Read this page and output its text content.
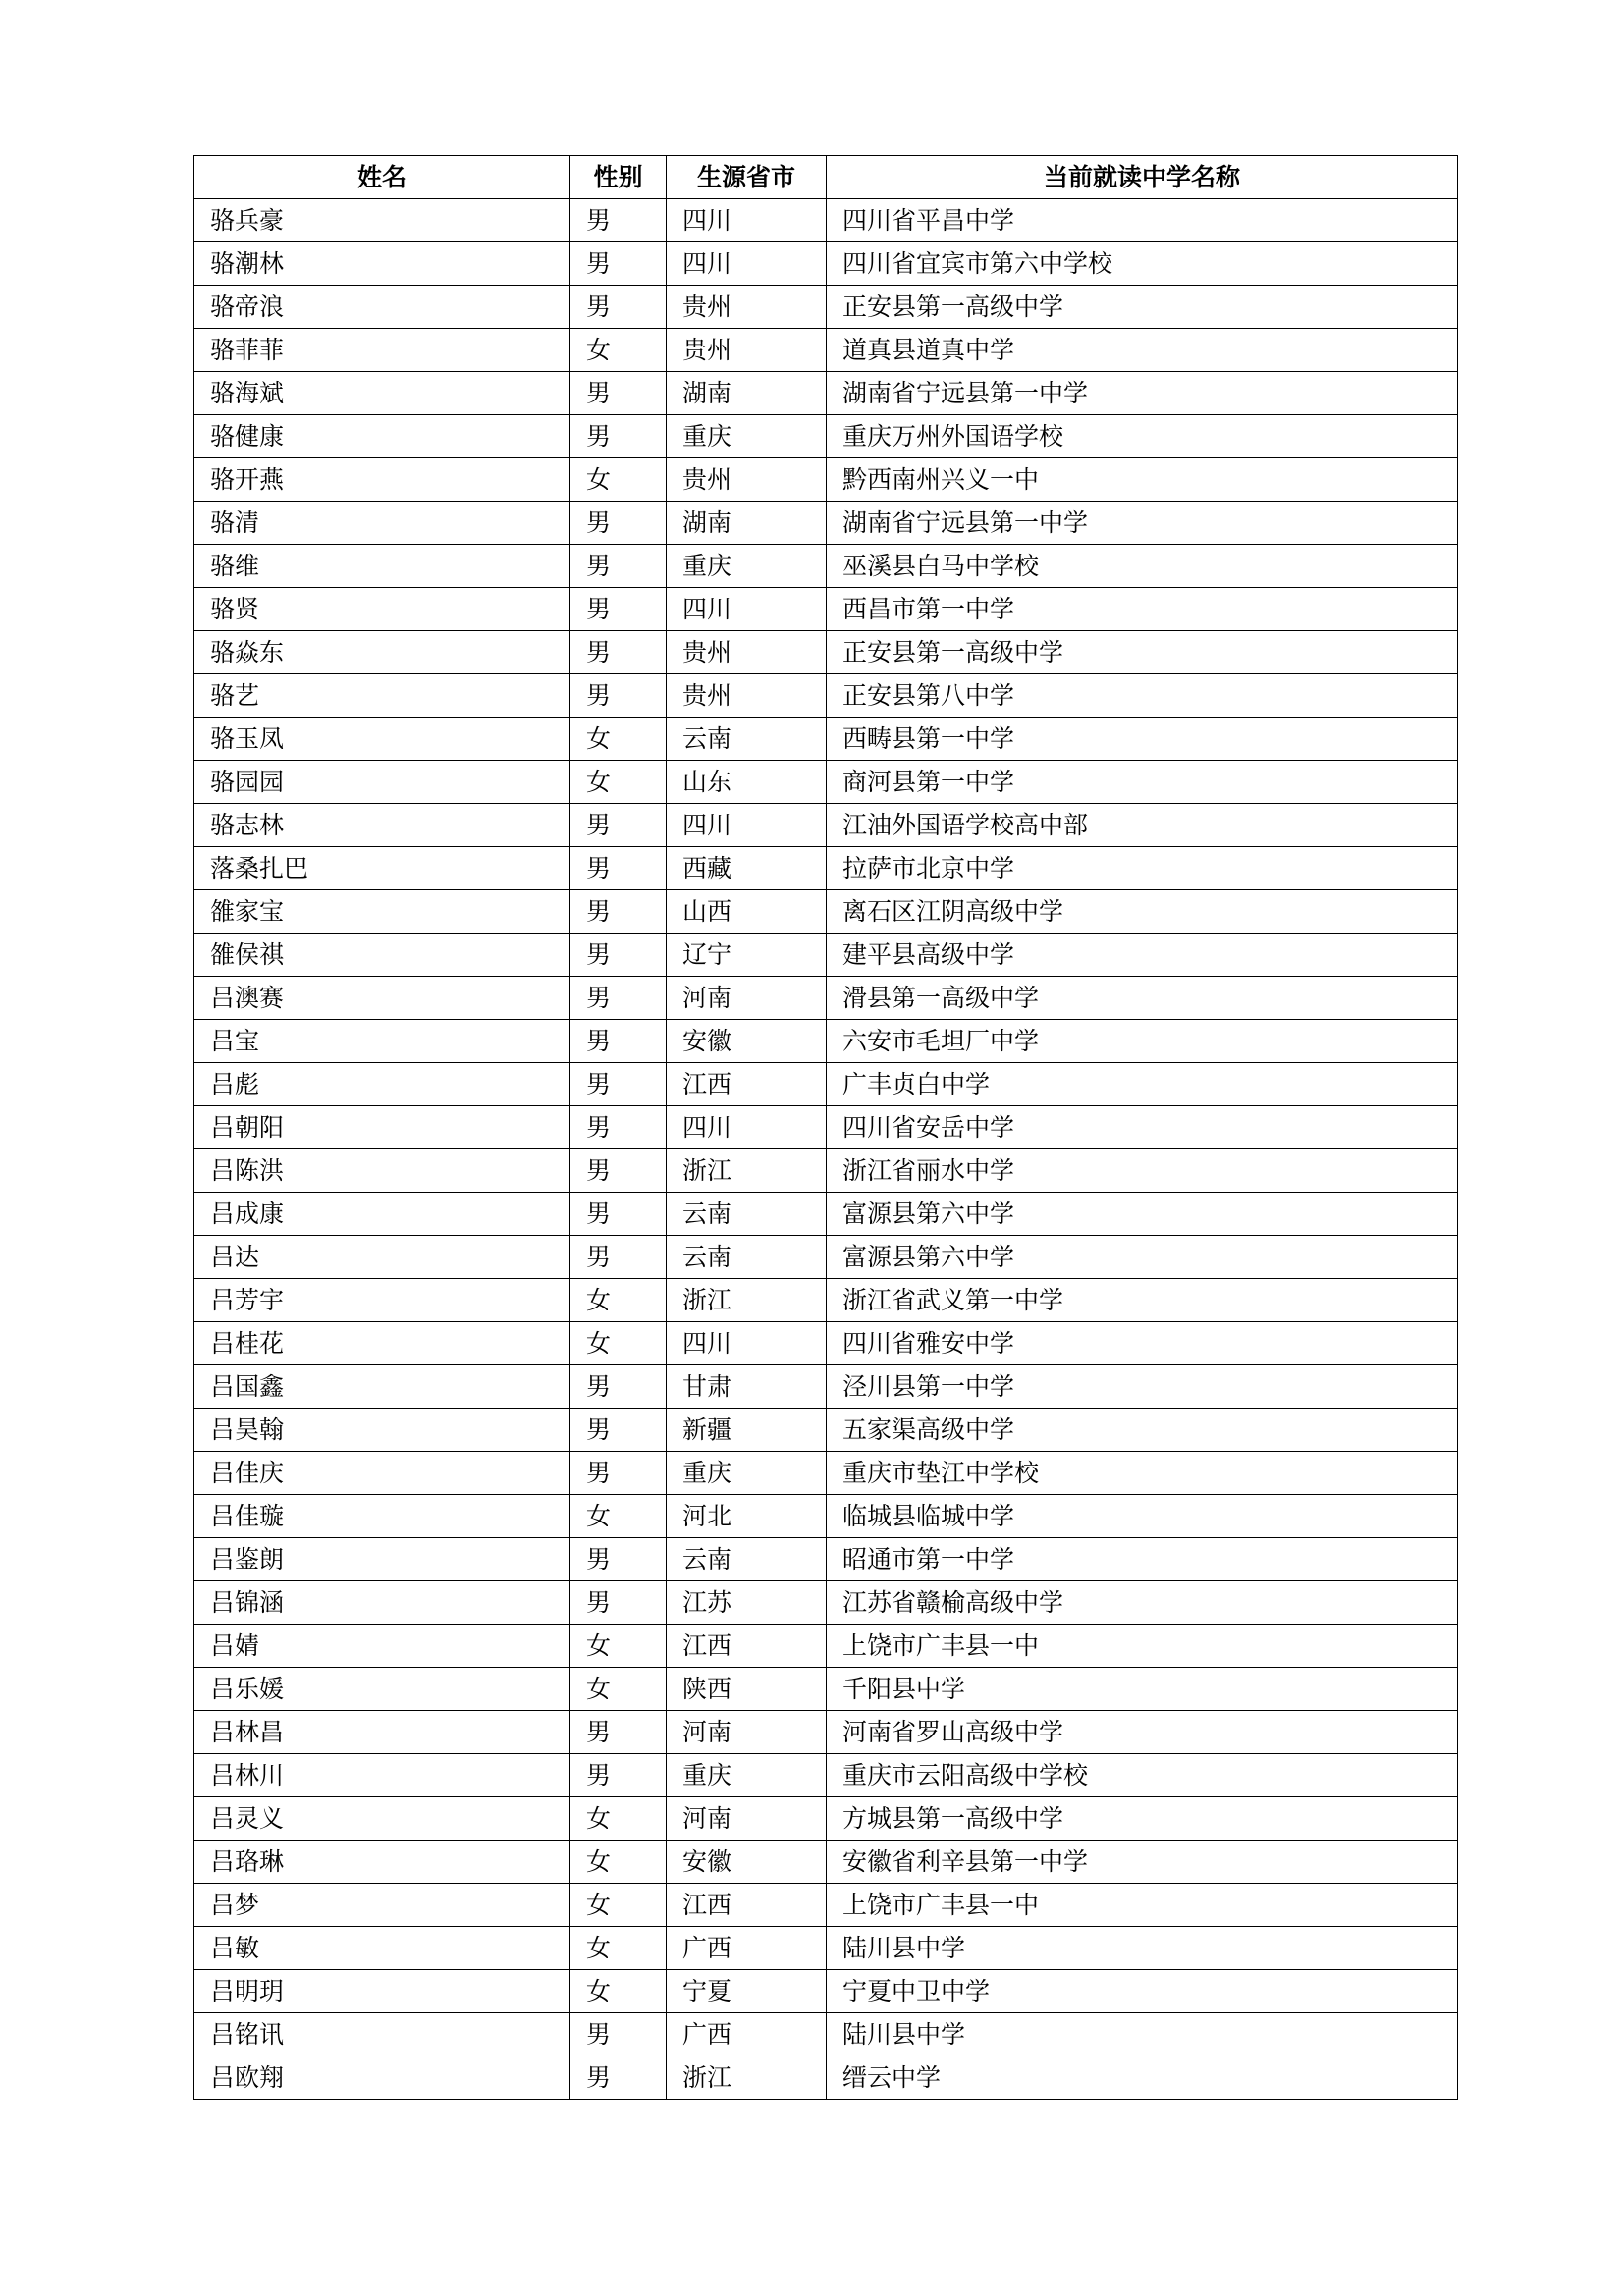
姓名	性别	生源省市	当前就读中学名称
骆兵豪	男	四川	四川省平昌中学
骆潮林	男	四川	四川省宜宾市第六中学校
骆帝浪	男	贵州	正安县第一高级中学
骆菲菲	女	贵州	道真县道真中学
骆海斌	男	湖南	湖南省宁远县第一中学
骆健康	男	重庆	重庆万州外国语学校
骆开燕	女	贵州	黔西南州兴义一中
骆清	男	湖南	湖南省宁远县第一中学
骆维	男	重庆	巫溪县白马中学校
骆贤	男	四川	西昌市第一中学
骆焱东	男	贵州	正安县第一高级中学
骆艺	男	贵州	正安县第八中学
骆玉凤	女	云南	西畴县第一中学
骆园园	女	山东	商河县第一中学
骆志林	男	四川	江油外国语学校高中部
落桑扎巴	男	西藏	拉萨市北京中学
雒家宝	男	山西	离石区江阴高级中学
雒侯祺	男	辽宁	建平县高级中学
吕澳赛	男	河南	滑县第一高级中学
吕宝	男	安徽	六安市毛坦厂中学
吕彪	男	江西	广丰贞白中学
吕朝阳	男	四川	四川省安岳中学
吕陈洪	男	浙江	浙江省丽水中学
吕成康	男	云南	富源县第六中学
吕达	男	云南	富源县第六中学
吕芳宇	女	浙江	浙江省武义第一中学
吕桂花	女	四川	四川省雅安中学
吕国鑫	男	甘肃	泾川县第一中学
吕昊翰	男	新疆	五家渠高级中学
吕佳庆	男	重庆	重庆市垫江中学校
吕佳璇	女	河北	临城县临城中学
吕鉴朗	男	云南	昭通市第一中学
吕锦涵	男	江苏	江苏省赣榆高级中学
吕婧	女	江西	上饶市广丰县一中
吕乐媛	女	陕西	千阳县中学
吕林昌	男	河南	河南省罗山高级中学
吕林川	男	重庆	重庆市云阳高级中学校
吕灵义	女	河南	方城县第一高级中学
吕珞琳	女	安徽	安徽省利辛县第一中学
吕梦	女	江西	上饶市广丰县一中
吕敏	女	广西	陆川县中学
吕明玥	女	宁夏	宁夏中卫中学
吕铭讯	男	广西	陆川县中学
吕欧翔	男	浙江	缙云中学
